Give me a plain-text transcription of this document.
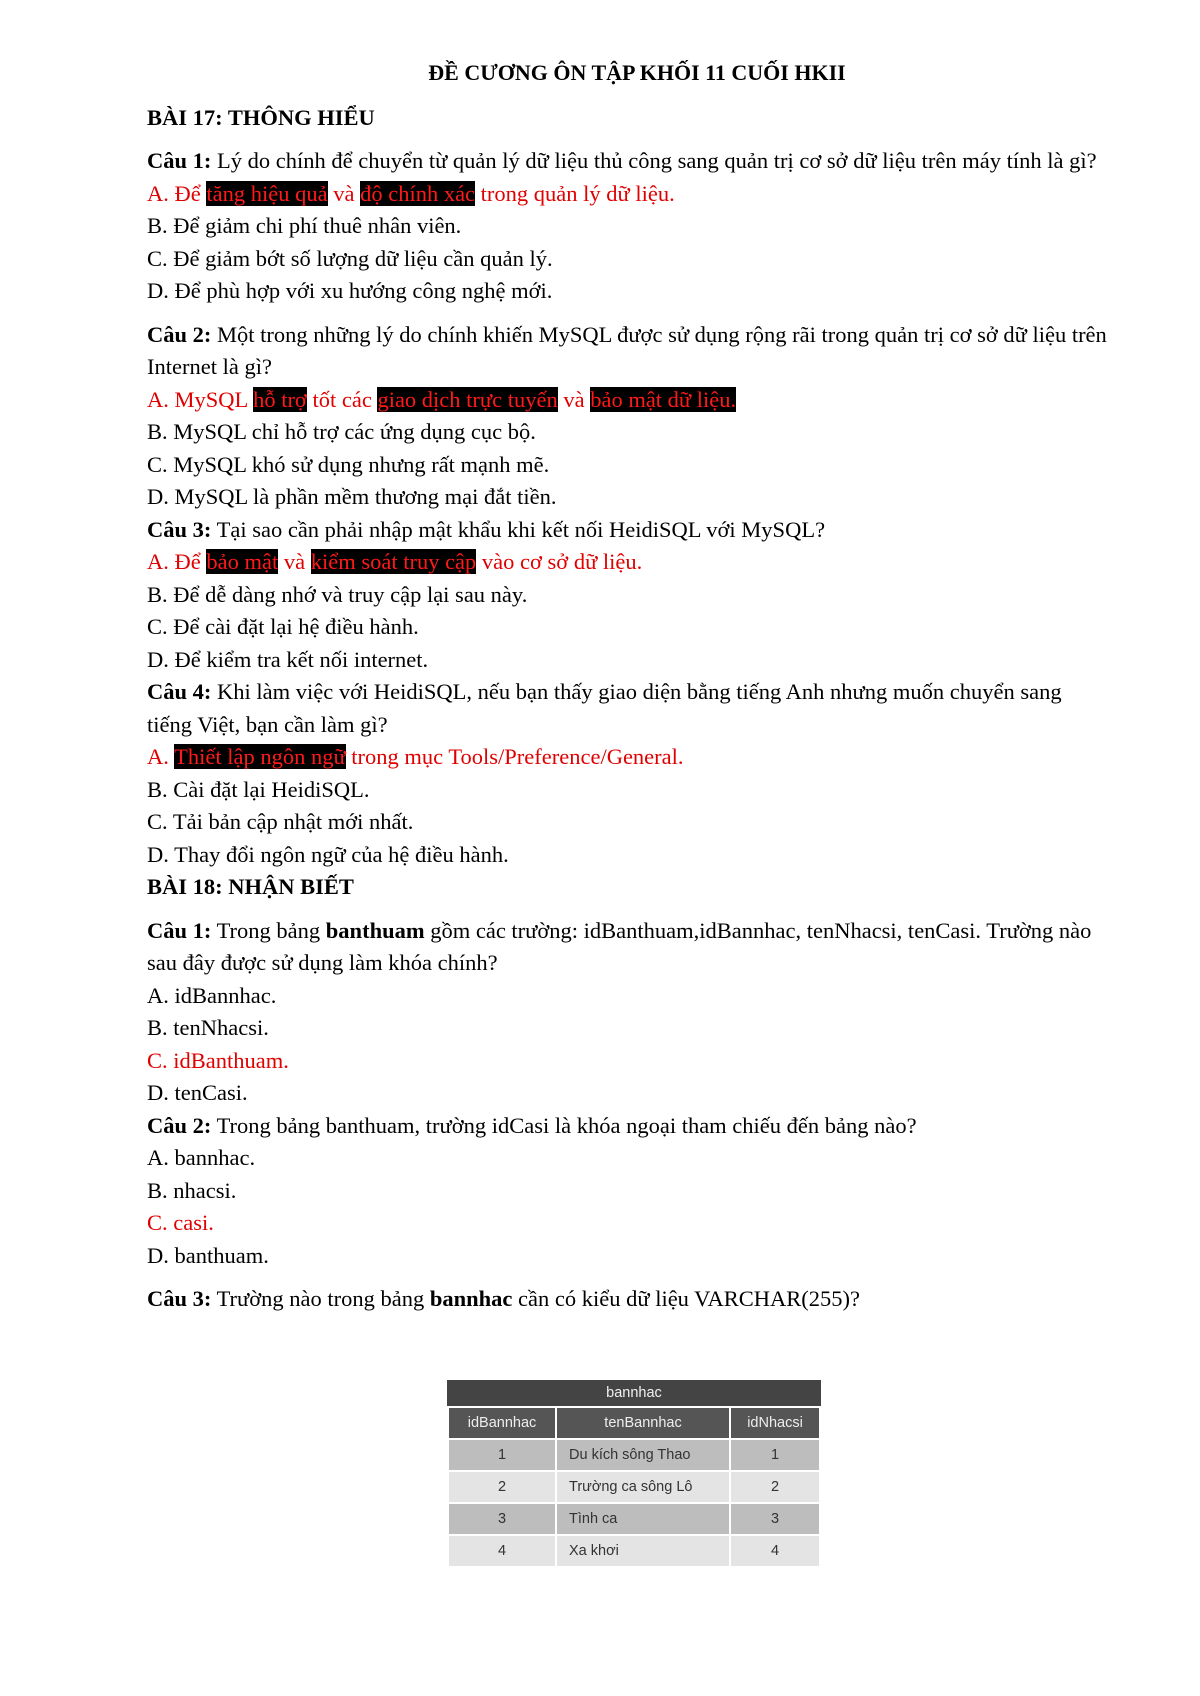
ĐỀ CƯƠNG ÔN TẬP KHỐI 11 CUỐI HKII

BÀI 17: THÔNG HIỂU

Câu 1: Lý do chính để chuyển từ quản lý dữ liệu thủ công sang quản trị cơ sở dữ liệu trên máy tính là gì?

A. Để tăng hiệu quả và độ chính xác trong quản lý dữ liệu.

B. Để giảm chi phí thuê nhân viên.

C. Để giảm bớt số lượng dữ liệu cần quản lý.

D. Để phù hợp với xu hướng công nghệ mới.

Câu 2: Một trong những lý do chính khiến MySQL được sử dụng rộng rãi trong quản trị cơ sở dữ liệu trên Internet là gì?

A. MySQL hỗ trợ tốt các giao dịch trực tuyến và bảo mật dữ liệu.

B. MySQL chỉ hỗ trợ các ứng dụng cục bộ.

C. MySQL khó sử dụng nhưng rất mạnh mẽ.

D. MySQL là phần mềm thương mại đắt tiền.

Câu 3: Tại sao cần phải nhập mật khẩu khi kết nối HeidiSQL với MySQL?

A. Để bảo mật và kiểm soát truy cập vào cơ sở dữ liệu.

B. Để dễ dàng nhớ và truy cập lại sau này.

C. Để cài đặt lại hệ điều hành.

D. Để kiểm tra kết nối internet.

Câu 4: Khi làm việc với HeidiSQL, nếu bạn thấy giao diện bằng tiếng Anh nhưng muốn chuyển sang tiếng Việt, bạn cần làm gì?

A. Thiết lập ngôn ngữ trong mục Tools/Preference/General.

B. Cài đặt lại HeidiSQL.

C. Tải bản cập nhật mới nhất.

D. Thay đổi ngôn ngữ của hệ điều hành.

BÀI 18: NHẬN BIẾT

Câu 1: Trong bảng banthuam gồm các trường: idBanthuam,idBannhac, tenNhacsi, tenCasi. Trường nào sau đây được sử dụng làm khóa chính?

A. idBannhac.

B. tenNhacsi.

C. idBanthuam.

D. tenCasi.

Câu 2: Trong bảng banthuam, trường idCasi là khóa ngoại tham chiếu đến bảng nào?

A. bannhac.

B. nhacsi.

C. casi.

D. banthuam.

Câu 3: Trường nào trong bảng bannhac cần có kiểu dữ liệu VARCHAR(255)?

bannhac
idBannhac	tenBannhac	idNhacsi
1	Du kích sông Thao	1
2	Trường ca sông Lô	2
3	Tình ca	3
4	Xa khơi	4
